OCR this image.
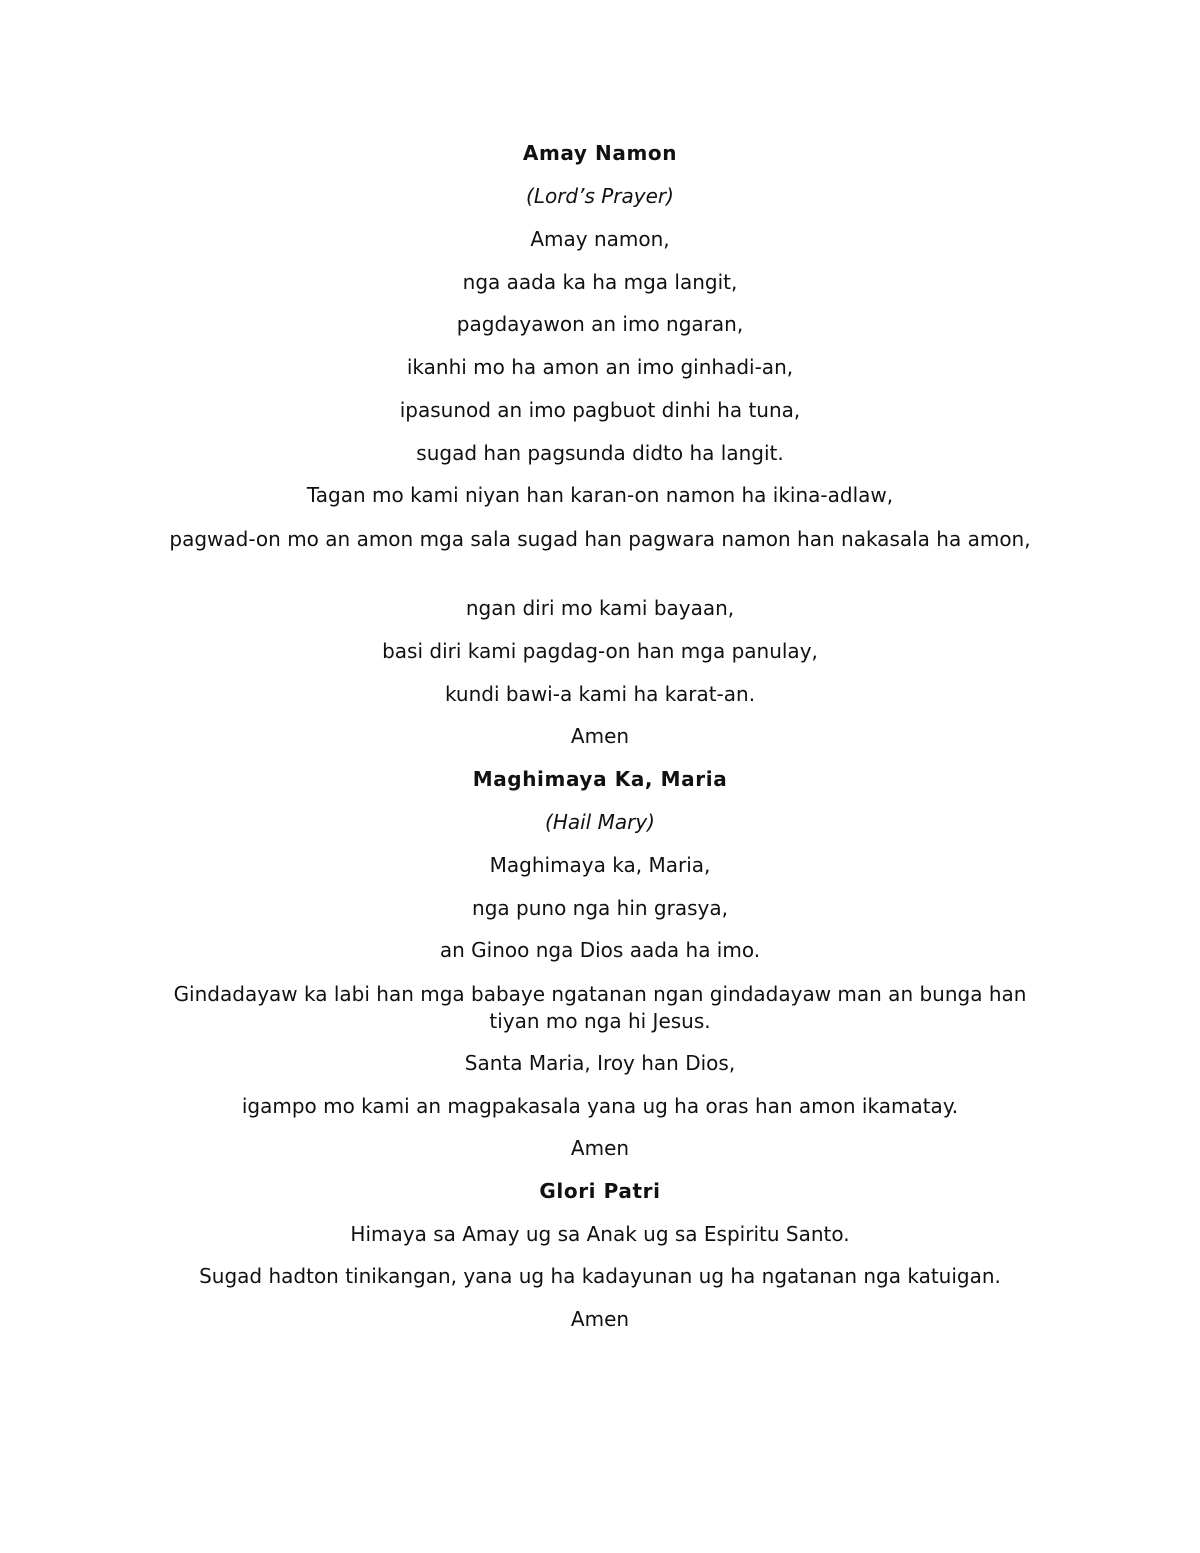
Amay Namon
(Lord’s Prayer)
Amay namon,
nga aada ka ha mga langit,
pagdayawon an imo ngaran,
ikanhi mo ha amon an imo ginhadi-an,
ipasunod an imo pagbuot dinhi ha tuna,
sugad han pagsunda didto ha langit.
Tagan mo kami niyan han karan-on namon ha ikina-adlaw,
pagwad-on mo an amon mga sala sugad han pagwara namon han nakasala ha amon,
ngan diri mo kami bayaan,
basi diri kami pagdag-on han mga panulay,
kundi bawi-a kami ha karat-an.
Amen
Maghimaya Ka, Maria
(Hail Mary)
Maghimaya ka, Maria,
nga puno nga hin grasya,
an Ginoo nga Dios aada ha imo.
Gindadayaw ka labi han mga babaye ngatanan ngan gindadayaw man an bunga han tiyan mo nga hi Jesus.
Santa Maria, Iroy han Dios,
igampo mo kami an magpakasala yana ug ha oras han amon ikamatay.
Amen
Glori Patri
Himaya sa Amay ug sa Anak ug sa Espiritu Santo.
Sugad hadton tinikangan, yana ug ha kadayunan ug ha ngatanan nga katuigan.
Amen
